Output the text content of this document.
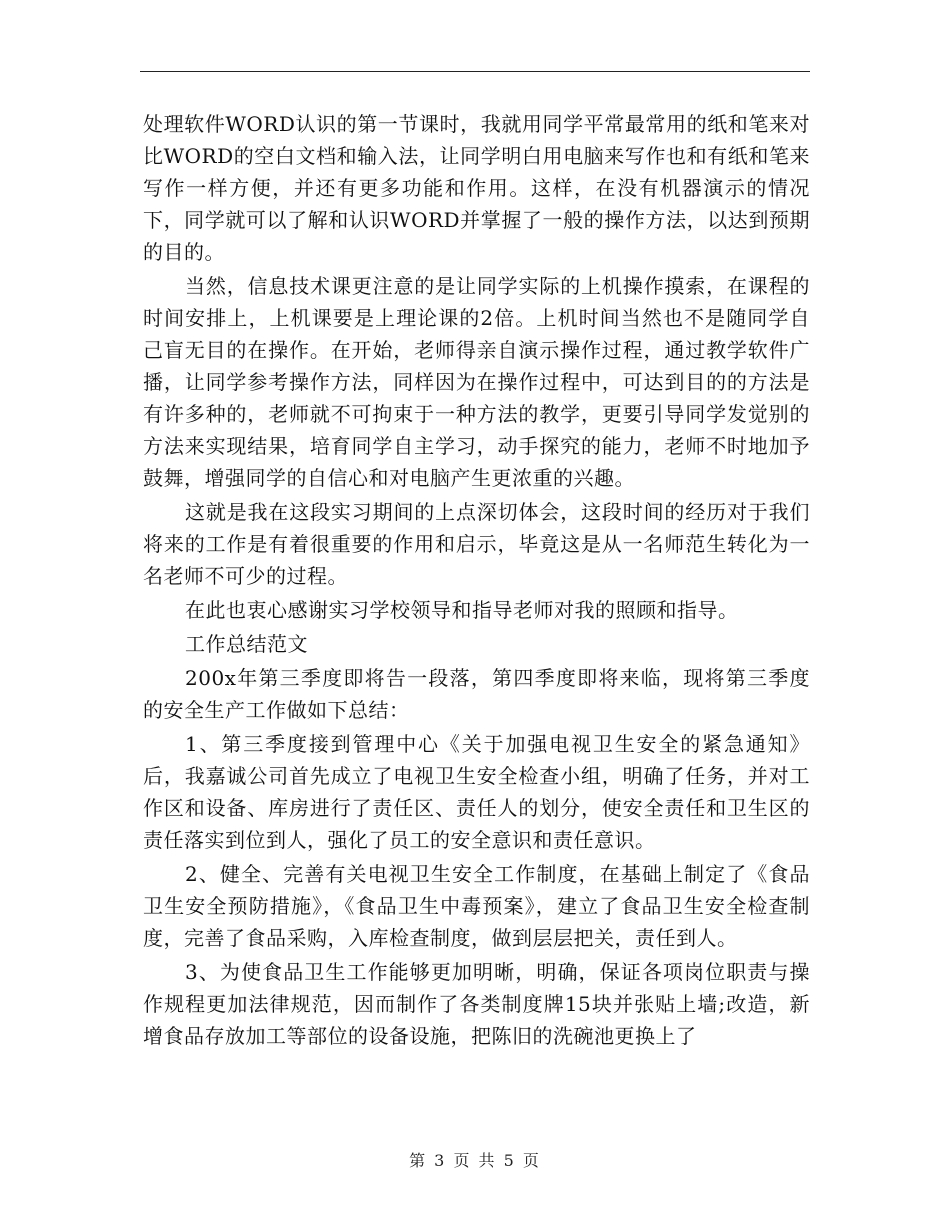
处理软件WORD认识的第一节课时，我就用同学平常最常用的纸和笔来对比WORD的空白文档和输入法，让同学明白用电脑来写作也和有纸和笔来写作一样方便，并还有更多功能和作用。这样，在没有机器演示的情况下，同学就可以了解和认识WORD并掌握了一般的操作方法，以达到预期的目的。

当然，信息技术课更注意的是让同学实际的上机操作摸索，在课程的时间安排上，上机课要是上理论课的2倍。上机时间当然也不是随同学自己盲无目的在操作。在开始，老师得亲自演示操作过程，通过教学软件广播，让同学参考操作方法，同样因为在操作过程中，可达到目的的方法是有许多种的，老师就不可拘束于一种方法的教学，更要引导同学发觉别的方法来实现结果，培育同学自主学习，动手探究的能力，老师不时地加予鼓舞，增强同学的自信心和对电脑产生更浓重的兴趣。

这就是我在这段实习期间的上点深切体会，这段时间的经历对于我们将来的工作是有着很重要的作用和启示，毕竟这是从一名师范生转化为一名老师不可少的过程。

在此也衷心感谢实习学校领导和指导老师对我的照顾和指导。

工作总结范文

200x年第三季度即将告一段落，第四季度即将来临，现将第三季度的安全生产工作做如下总结：

1、第三季度接到管理中心《关于加强电视卫生安全的紧急通知》后，我嘉诚公司首先成立了电视卫生安全检查小组，明确了任务，并对工作区和设备、库房进行了责任区、责任人的划分，使安全责任和卫生区的责任落实到位到人，强化了员工的安全意识和责任意识。

2、健全、完善有关电视卫生安全工作制度，在基础上制定了《食品卫生安全预防措施》，《食品卫生中毒预案》，建立了食品卫生安全检查制度，完善了食品采购，入库检查制度，做到层层把关，责任到人。

3、为使食品卫生工作能够更加明晰，明确，保证各项岗位职责与操作规程更加法律规范，因而制作了各类制度牌15块并张贴上墙;改造，新增食品存放加工等部位的设备设施，把陈旧的洗碗池更换上了

第 3 页 共 5 页
